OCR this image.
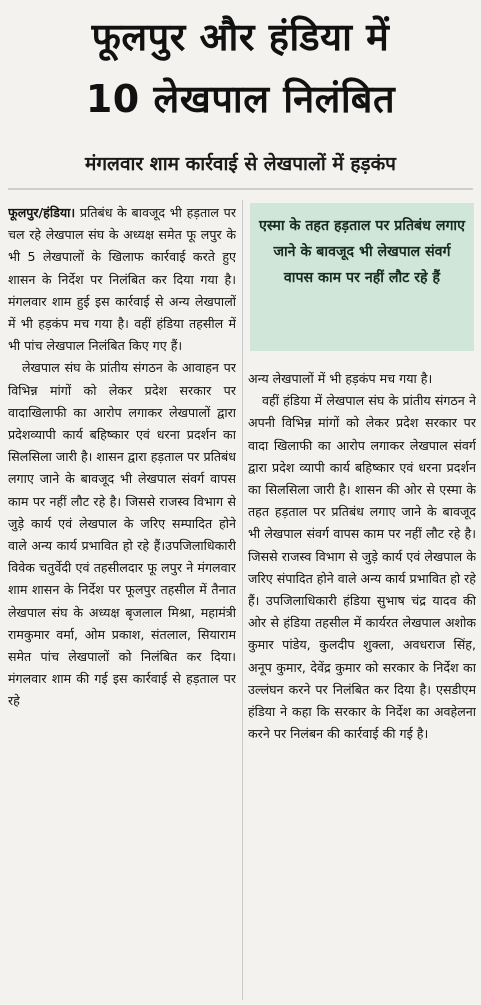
फूलपुर और हंडिया में
10 लेखपाल निलंबित
मंगलवार शाम कार्रवाई से लेखपालों में हड़कंप

फूलपुर/हंडिया। प्रतिबंध के बावजूद भी हड़ताल पर चल रहे लेखपाल संघ के अध्यक्ष समेत फू लपुर के भी 5 लेखपालों के खिलाफ कार्रवाई करते हुए शासन के निर्देश पर निलंबित कर दिया गया है। मंगलवार शाम हुई इस कार्रवाई से अन्य लेखपालों में भी हड़कंप मच गया है। वहीं हंडिया तहसील में भी पांच लेखपाल निलंबित किए गए हैं।

लेखपाल संघ के प्रांतीय संगठन के आवाहन पर विभिन्न मांगों को लेकर प्रदेश सरकार पर वादाखिलाफी का आरोप लगाकर लेखपालों द्वारा प्रदेशव्यापी कार्य बहिष्कार एवं धरना प्रदर्शन का सिलसिला जारी है। शासन द्वारा हड़ताल पर प्रतिबंध लगाए जाने के बावजूद भी लेखपाल संवर्ग वापस काम पर नहीं लौट रहे है। जिससे राजस्व विभाग से जुड़े कार्य एवं लेखपाल के जरिए सम्पादित होने वाले अन्य कार्य प्रभावित हो रहे हैं।उपजिलाधिकारी विवेक चतुर्वेदी एवं तहसीलदार फू लपुर ने मंगलवार शाम शासन के निर्देश पर फूलपुर तहसील में तैनात लेखपाल संघ के अध्यक्ष बृजलाल मिश्रा, महामंत्री रामकुमार वर्मा, ओम प्रकाश, संतलाल, सियाराम समेत पांच लेखपालों को निलंबित कर दिया। मंगलवार शाम की गई इस कार्रवाई से हड़ताल पर रहे

एस्मा के तहत हड़ताल पर प्रतिबंध लगाए जाने के बावजूद भी लेखपाल संवर्ग वापस काम पर नहीं लौट रहे हैं

अन्य लेखपालों में भी हड़कंप मच गया है।

वहीं हंडिया में लेखपाल संघ के प्रांतीय संगठन ने अपनी विभिन्न मांगों को लेकर प्रदेश सरकार पर वादा खिलाफी का आरोप लगाकर लेखपाल संवर्ग द्वारा प्रदेश व्यापी कार्य बहिष्कार एवं धरना प्रदर्शन का सिलसिला जारी है। शासन की ओर से एस्मा के तहत हड़ताल पर प्रतिबंध लगाए जाने के बावजूद भी लेखपाल संवर्ग वापस काम पर नहीं लौट रहे है। जिससे राजस्व विभाग से जुड़े कार्य एवं लेखपाल के जरिए संपादित होने वाले अन्य कार्य प्रभावित हो रहे हैं। उपजिलाधिकारी हंडिया सुभाष चंद्र यादव की ओर से हंडिया तहसील में कार्यरत लेखपाल अशोक कुमार पांडेय, कुलदीप शुक्ला, अवधराज सिंह, अनूप कुमार, देवेंद्र कुमार को सरकार के निर्देश का उल्लंघन करने पर निलंबित कर दिया है। एसडीएम हंडिया ने कहा कि सरकार के निर्देश का अवहेलना करने पर निलंबन की कार्रवाई की गई है।
